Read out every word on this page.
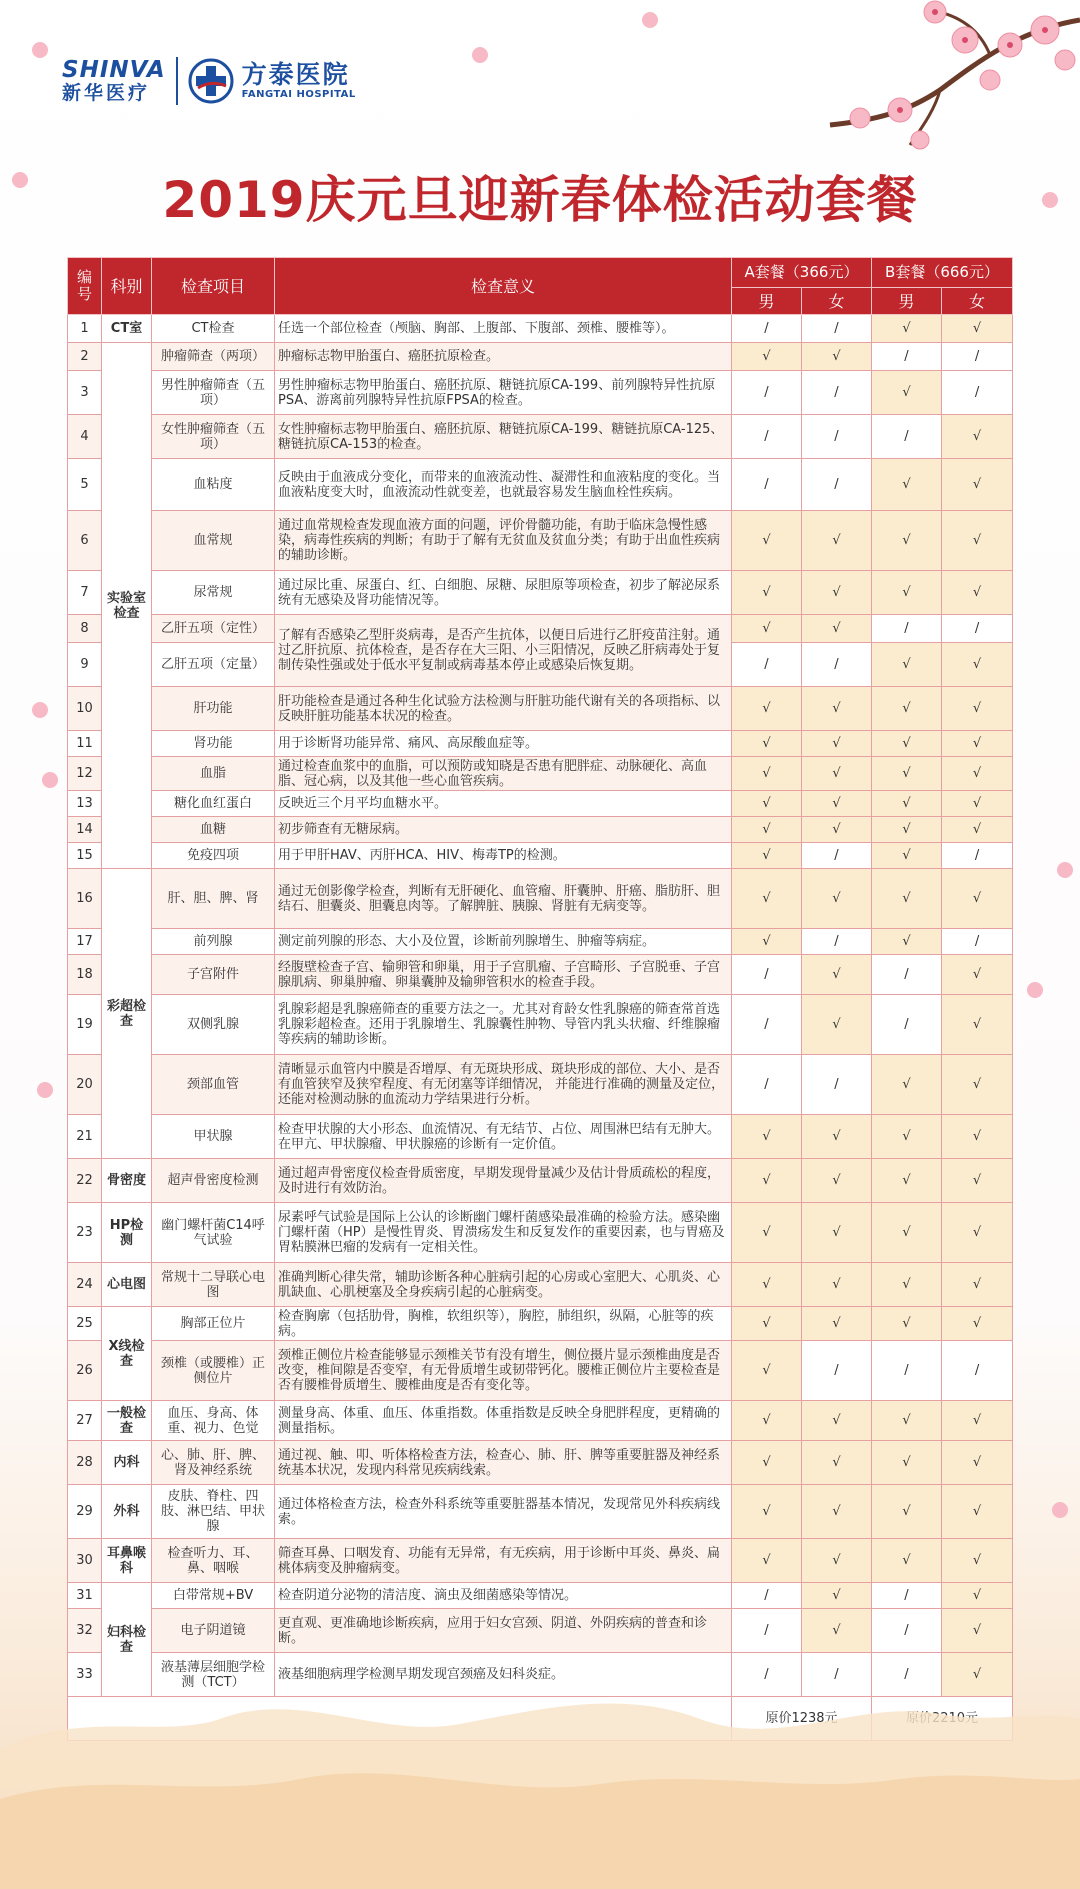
SHINVA
新华医疗
方泰医院
FANGTAI HOSPITAL
2019庆元旦迎新春体检活动套餐
编号	科别	检查项目	检查意义	A套餐（366元）		B套餐（666元）	
				男	女	男	女
1	CT室	CT检查	任选一个部位检查（颅脑、胸部、上腹部、下腹部、颈椎、腰椎等）。	/	/	√	√
2	实验室检查	肿瘤筛查（两项）	肿瘤标志物甲胎蛋白、癌胚抗原检查。	√	√	/	/
3		男性肿瘤筛查（五项）	男性肿瘤标志物甲胎蛋白、癌胚抗原、糖链抗原CA-199、前列腺特异性抗原PSA、游离前列腺特异性抗原FPSA的检查。	/	/	√	/
4		女性肿瘤筛查（五项）	女性肿瘤标志物甲胎蛋白、癌胚抗原、糖链抗原CA-199、糖链抗原CA-125、糖链抗原CA-153的检查。	/	/	/	√
5		血粘度	反映由于血液成分变化，而带来的血液流动性、凝滞性和血液粘度的变化。当血液粘度变大时，血液流动性就变差，也就最容易发生脑血栓性疾病。	/	/	√	√
6		血常规	通过血常规检查发现血液方面的问题，评价骨髓功能，有助于临床急慢性感染，病毒性疾病的判断；有助于了解有无贫血及贫血分类；有助于出血性疾病的辅助诊断。	√	√	√	√
7		尿常规	通过尿比重、尿蛋白、红、白细胞、尿糖、尿胆原等项检查，初步了解泌尿系统有无感染及肾功能情况等。	√	√	√	√
8		乙肝五项（定性）	了解有否感染乙型肝炎病毒，是否产生抗体，以便日后进行乙肝疫苗注射。通过乙肝抗原、抗体检查，是否存在大三阳、小三阳情况，反映乙肝病毒处于复制传染性强或处于低水平复制或病毒基本停止或感染后恢复期。	√	√	/	/
9		乙肝五项（定量）		/	/	√	√
10		肝功能	肝功能检查是通过各种生化试验方法检测与肝脏功能代谢有关的各项指标、以反映肝脏功能基本状况的检查。	√	√	√	√
11		肾功能	用于诊断肾功能异常、痛风、高尿酸血症等。	√	√	√	√
12		血脂	通过检查血浆中的血脂，可以预防或知晓是否患有肥胖症、动脉硬化、高血脂、冠心病，以及其他一些心血管疾病。	√	√	√	√
13		糖化血红蛋白	反映近三个月平均血糖水平。	√	√	√	√
14		血糖	初步筛查有无糖尿病。	√	√	√	√
15		免疫四项	用于甲肝HAV、丙肝HCA、HIV、梅毒TP的检测。	√	/	√	/
16	彩超检查	肝、胆、脾、肾	通过无创影像学检查，判断有无肝硬化、血管瘤、肝囊肿、肝癌、脂肪肝、胆结石、胆囊炎、胆囊息肉等。了解脾脏、胰腺、肾脏有无病变等。	√	√	√	√
17		前列腺	测定前列腺的形态、大小及位置，诊断前列腺增生、肿瘤等病症。	√	/	√	/
18		子宫附件	经腹壁检查子宫、输卵管和卵巢，用于子宫肌瘤、子宫畸形、子宫脱垂、子宫腺肌病、卵巢肿瘤、卵巢囊肿及输卵管积水的检查手段。	/	√	/	√
19		双侧乳腺	乳腺彩超是乳腺癌筛查的重要方法之一。尤其对育龄女性乳腺癌的筛查常首选乳腺彩超检查。还用于乳腺增生、乳腺囊性肿物、导管内乳头状瘤、纤维腺瘤等疾病的辅助诊断。	/	√	/	√
20		颈部血管	清晰显示血管内中膜是否增厚、有无斑块形成、斑块形成的部位、大小、是否有血管狭窄及狭窄程度、有无闭塞等详细情况， 并能进行准确的测量及定位，还能对检测动脉的血流动力学结果进行分析。	/	/	√	√
21		甲状腺	检查甲状腺的大小形态、血流情况、有无结节、占位、周围淋巴结有无肿大。在甲亢、甲状腺瘤、甲状腺癌的诊断有一定价值。	√	√	√	√
22	骨密度	超声骨密度检测	通过超声骨密度仪检查骨质密度，早期发现骨量减少及估计骨质疏松的程度，及时进行有效防治。	√	√	√	√
23	HP检测	幽门螺杆菌C14呼气试验	尿素呼气试验是国际上公认的诊断幽门螺杆菌感染最准确的检验方法。感染幽门螺杆菌（HP）是慢性胃炎、胃溃疡发生和反复发作的重要因素，也与胃癌及胃粘膜淋巴瘤的发病有一定相关性。	√	√	√	√
24	心电图	常规十二导联心电图	准确判断心律失常，辅助诊断各种心脏病引起的心房或心室肥大、心肌炎、心肌缺血、心肌梗塞及全身疾病引起的心脏病变。	√	√	√	√
25	X线检查	胸部正位片	检查胸廓（包括肋骨，胸椎，软组织等），胸腔，肺组织，纵隔，心脏等的疾病。	√	√	√	√
26		颈椎（或腰椎）正侧位片	颈椎正侧位片检查能够显示颈椎关节有没有增生，侧位摄片显示颈椎曲度是否改变，椎间隙是否变窄，有无骨质增生或韧带钙化。腰椎正侧位片主要检查是否有腰椎骨质增生、腰椎曲度是否有变化等。	√	/	/	/
27	一般检查	血压、身高、体重、视力、色觉	测量身高、体重、血压、体重指数。体重指数是反映全身肥胖程度，更精确的测量指标。	√	√	√	√
28	内科	心、肺、肝、脾、肾及神经系统	通过视、触、叩、听体格检查方法，检查心、肺、肝、脾等重要脏器及神经系统基本状况，发现内科常见疾病线索。	√	√	√	√
29	外科	皮肤、脊柱、四肢、淋巴结、甲状腺	通过体格检查方法，检查外科系统等重要脏器基本情况，发现常见外科疾病线索。	√	√	√	√
30	耳鼻喉科	检查听力、耳、鼻、咽喉	筛查耳鼻、口咽发育、功能有无异常，有无疾病，用于诊断中耳炎、鼻炎、扁桃体病变及肿瘤病变。	√	√	√	√
31	妇科检查	白带常规+BV	检查阴道分泌物的清洁度、滴虫及细菌感染等情况。	/	√	/	√
32		电子阴道镜	更直观、更准确地诊断疾病，应用于妇女宫颈、阴道、外阴疾病的普查和诊断。	/	√	/	√
33		液基薄层细胞学检测（TCT）	液基细胞病理学检测早期发现宫颈癌及妇科炎症。	/	/	/	√
				原价1238元	
